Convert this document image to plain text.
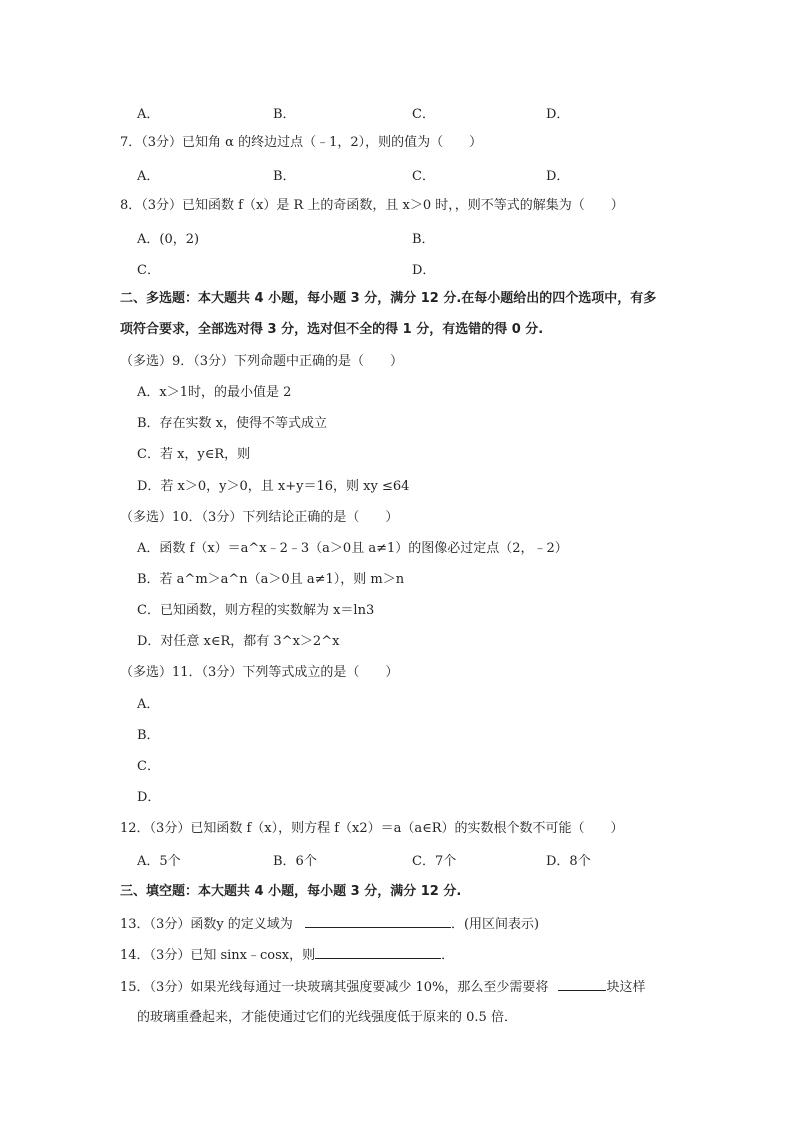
A．	B．	C．	D．
7．（3分）已知角 α 的终边过点（﹣1，2），则的值为（　　）
A．	B．	C．	D．
8．（3分）已知函数 f（x）是 R 上的奇函数，且 x＞0 时，，则不等式的解集为（　　）
A．(0，2)	B．
C．	D．
二、多选题：本大题共 4 小题，每小题 3 分，满分 12 分.在每小题给出的四个选项中，有多
项符合要求，全部选对得 3 分，选对但不全的得 1 分，有选错的得 0 分.
（多选）9．（3分）下列命题中正确的是（　　）
A．x＞1时，的最小值是 2
B．存在实数 x，使得不等式成立
C．若 x，y∈R，则
D．若 x＞0，y＞0，且 x+y＝16，则 xy ≤64
（多选）10．（3分）下列结论正确的是（　　）
A．函数 f（x）＝a^x﹣2﹣3（a＞0且 a≠1）的图像必过定点（2，﹣2）
B．若 a^m＞a^n（a＞0且 a≠1），则 m＞n
C．已知函数，则方程的实数解为 x＝ln3
D．对任意 x∈R，都有 3^x＞2^x
（多选）11．（3分）下列等式成立的是（　　）
A．
B．
C．
D．
12．（3分）已知函数 f（x），则方程 f（x2）＝a（a∈R）的实数根个数不可能（　　）
A．5个	B．6个	C．7个	D．8个
三、填空题：本大题共 4 小题，每小题 3 分，满分 12 分.
13．（3分）函数y 的定义域为	．(用区间表示)
14．（3分）已知 sinx﹣cosx，则	．
15．（3分）如果光线每通过一块玻璃其强度要减少 10%，那么至少需要将	块这样
的玻璃重叠起来，才能使通过它们的光线强度低于原来的 0.5 倍．
